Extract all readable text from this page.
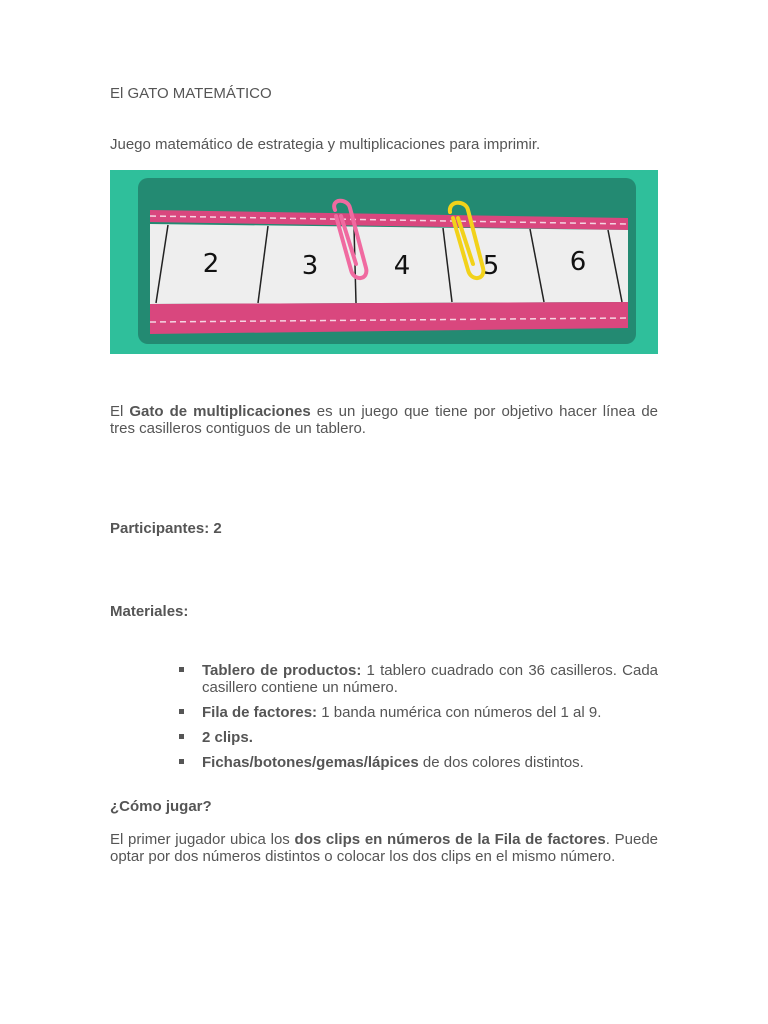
El GATO MATEMÁTICO
Juego matemático de estrategia y multiplicaciones para imprimir.
2	3	4	5	6
El Gato de multiplicaciones es un juego que tiene por objetivo hacer línea de tres casilleros contiguos de un tablero.
Participantes: 2
Materiales:
Tablero de productos: 1 tablero cuadrado con 36 casilleros. Cada casillero contiene un número.
Fila de factores: 1 banda numérica con números del 1 al 9.
2 clips.
Fichas/botones/gemas/lápices de dos colores distintos.
¿Cómo jugar?
El primer jugador ubica los dos clips en números de la Fila de factores. Puede optar por dos números distintos o colocar los dos clips en el mismo número.
